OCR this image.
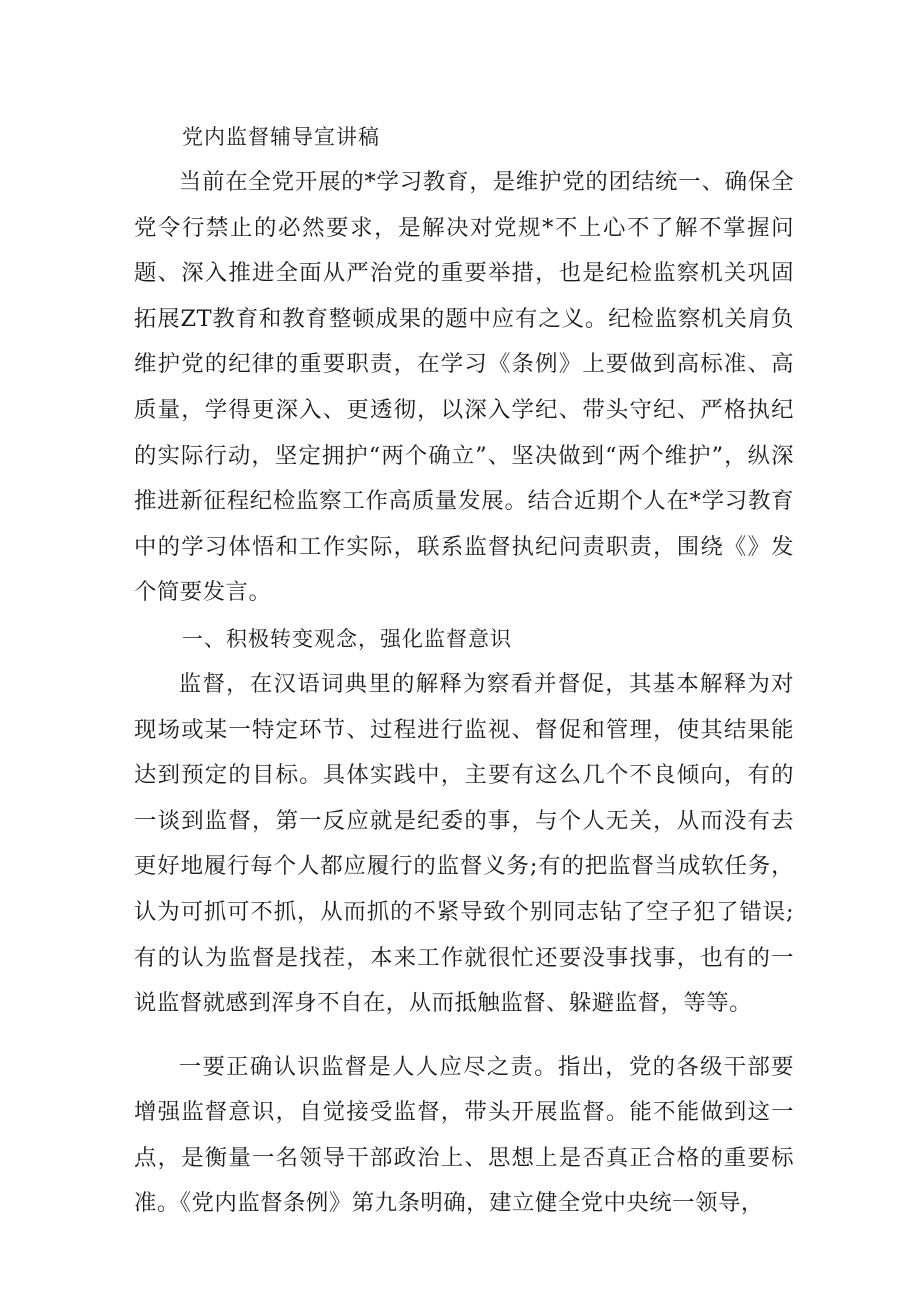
党内监督辅导宣讲稿

当前在全党开展的*学习教育，是维护党的团结统一、确保全党令行禁止的必然要求，是解决对党规*不上心不了解不掌握问题、深入推进全面从严治党的重要举措，也是纪检监察机关巩固拓展ZT教育和教育整顿成果的题中应有之义。纪检监察机关肩负维护党的纪律的重要职责，在学习《条例》上要做到高标准、高质量，学得更深入、更透彻，以深入学纪、带头守纪、严格执纪的实际行动，坚定拥护“两个确立”、坚决做到“两个维护”，纵深推进新征程纪检监察工作高质量发展。结合近期个人在*学习教育中的学习体悟和工作实际，联系监督执纪问责职责，围绕《》发个简要发言。

一、积极转变观念，强化监督意识

监督，在汉语词典里的解释为察看并督促，其基本解释为对现场或某一特定环节、过程进行监视、督促和管理，使其结果能达到预定的目标。具体实践中，主要有这么几个不良倾向，有的一谈到监督，第一反应就是纪委的事，与个人无关，从而没有去更好地履行每个人都应履行的监督义务;有的把监督当成软任务，认为可抓可不抓，从而抓的不紧导致个别同志钻了空子犯了错误;有的认为监督是找茬，本来工作就很忙还要没事找事，也有的一说监督就感到浑身不自在，从而抵触监督、躲避监督，等等。

一要正确认识监督是人人应尽之责。指出，党的各级干部要增强监督意识，自觉接受监督，带头开展监督。能不能做到这一点，是衡量一名领导干部政治上、思想上是否真正合格的重要标准。《党内监督条例》第九条明确，建立健全党中央统一领导，
